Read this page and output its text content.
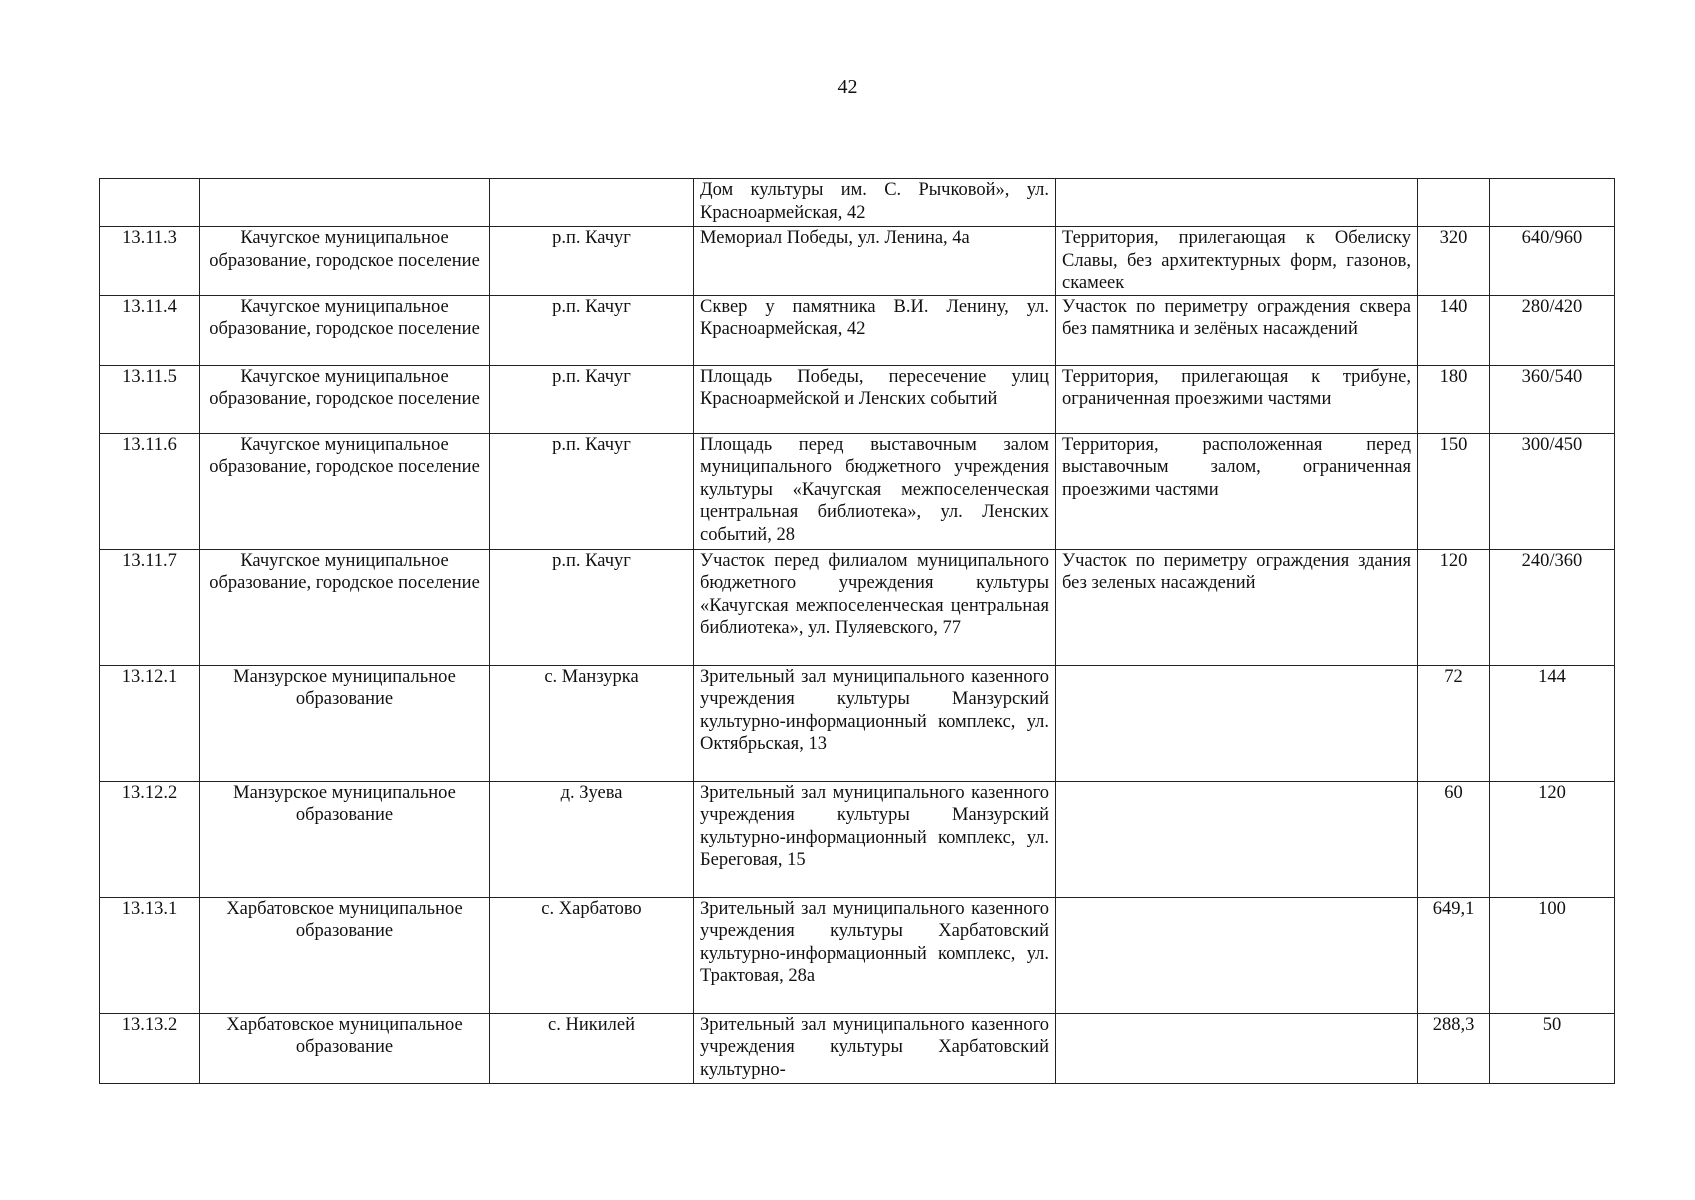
42

			Дом культуры им. С. Рычковой», ул. Красноармейская, 42			

13.11.3	Качугское муниципальное образование, городское поселение	р.п. Качуг	Мемориал Победы, ул. Ленина, 4а	Территория, прилегающая к Обелиску Славы, без архитектурных форм, газонов, скамеек	320	640/960

13.11.4	Качугское муниципальное образование, городское поселение	р.п. Качуг	Сквер у памятника В.И. Ленину, ул. Красноармейская, 42	Участок по периметру ограждения сквера без памятника и зелёных насаждений	140	280/420

13.11.5	Качугское муниципальное образование, городское поселение	р.п. Качуг	Площадь Победы, пересечение улиц Красноармейской и Ленских событий	Территория, прилегающая к трибуне, ограниченная проезжими частями	180	360/540

13.11.6	Качугское муниципальное образование, городское поселение	р.п. Качуг	Площадь перед выставочным залом муниципального бюджетного учреждения культуры «Качугская межпоселенческая центральная библиотека», ул. Ленских событий, 28	Территория, расположенная перед выставочным залом, ограниченная проезжими частями	150	300/450

13.11.7	Качугское муниципальное образование, городское поселение	р.п. Качуг	Участок перед филиалом муниципального бюджетного учреждения культуры «Качугская межпоселенческая центральная библиотека», ул. Пуляевского, 77	Участок по периметру ограждения здания без зеленых насаждений	120	240/360

13.12.1	Манзурское муниципальное образование	с. Манзурка	Зрительный зал муниципального казенного учреждения культуры Манзурский культурно-информационный комплекс, ул. Октябрьская, 13		72	144

13.12.2	Манзурское муниципальное образование	д. Зуева	Зрительный зал муниципального казенного учреждения культуры Манзурский культурно-информационный комплекс, ул. Береговая, 15		60	120

13.13.1	Харбатовское муниципальное образование	с. Харбатово	Зрительный зал муниципального казенного учреждения культуры Харбатовский культурно-информационный комплекс, ул. Трактовая, 28а		649,1	100

13.13.2	Харбатовское муниципальное образование	с. Никилей	Зрительный зал муниципального казенного учреждения культуры Харбатовский культурно-		288,3	50
